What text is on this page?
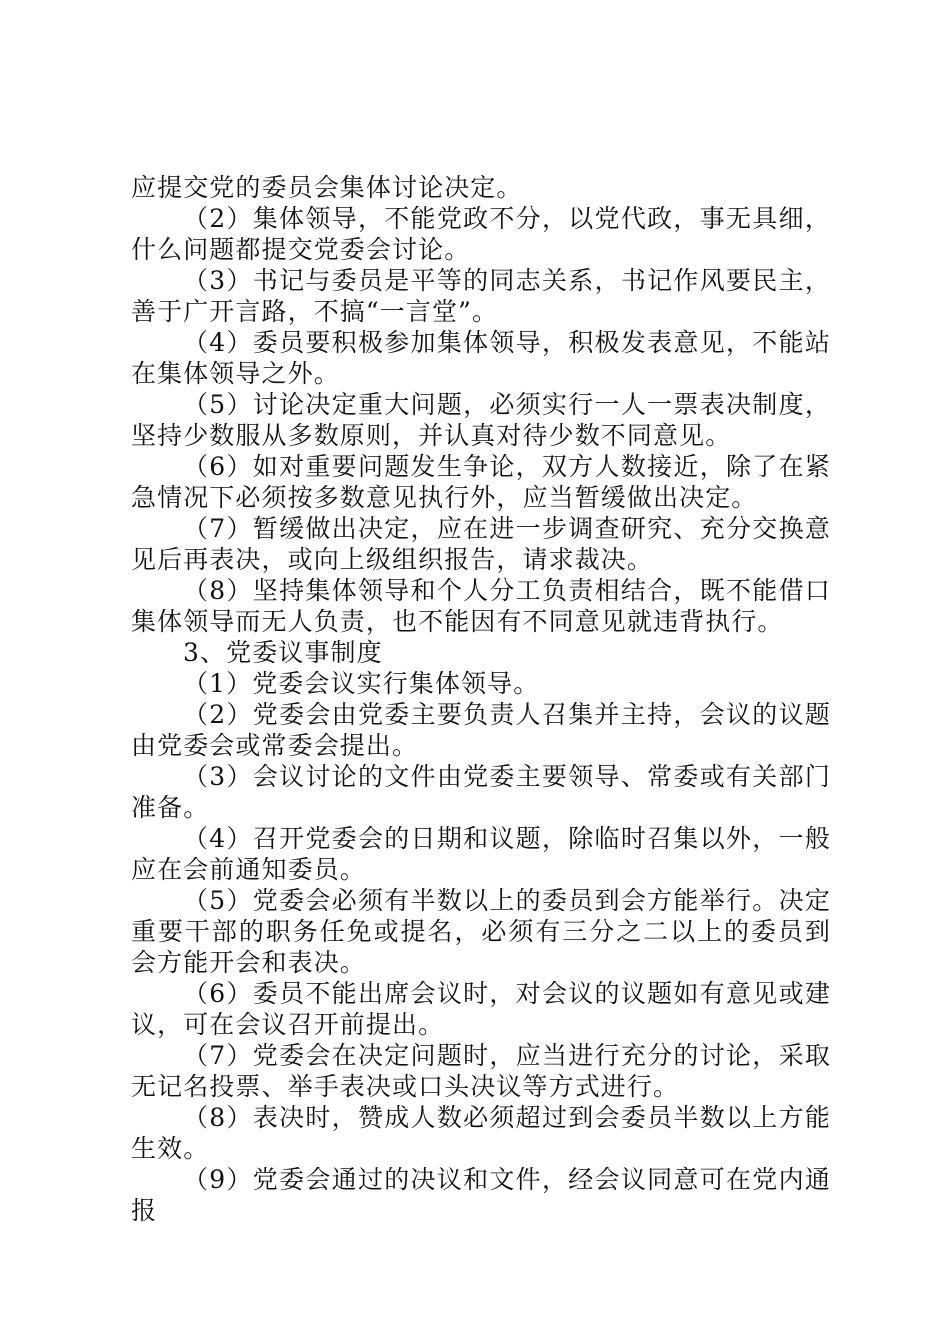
应提交党的委员会集体讨论决定。

（2）集体领导，不能党政不分，以党代政，事无具细，什么问题都提交党委会讨论。

（3）书记与委员是平等的同志关系，书记作风要民主，善于广开言路，不搞“一言堂”。

（4）委员要积极参加集体领导，积极发表意见，不能站在集体领导之外。

（5）讨论决定重大问题，必须实行一人一票表决制度，坚持少数服从多数原则，并认真对待少数不同意见。

（6）如对重要问题发生争论，双方人数接近，除了在紧急情况下必须按多数意见执行外，应当暂缓做出决定。

（7）暂缓做出决定，应在进一步调查研究、充分交换意见后再表决，或向上级组织报告，请求裁决。

（8）坚持集体领导和个人分工负责相结合，既不能借口集体领导而无人负责，也不能因有不同意见就违背执行。

3、党委议事制度

（1）党委会议实行集体领导。

（2）党委会由党委主要负责人召集并主持，会议的议题由党委会或常委会提出。

（3）会议讨论的文件由党委主要领导、常委或有关部门准备。

（4）召开党委会的日期和议题，除临时召集以外，一般应在会前通知委员。

（5）党委会必须有半数以上的委员到会方能举行。决定重要干部的职务任免或提名，必须有三分之二以上的委员到会方能开会和表决。

（6）委员不能出席会议时，对会议的议题如有意见或建议，可在会议召开前提出。

（7）党委会在决定问题时，应当进行充分的讨论，采取无记名投票、举手表决或口头决议等方式进行。

（8）表决时，赞成人数必须超过到会委员半数以上方能生效。

（9）党委会通过的决议和文件，经会议同意可在党内通报
